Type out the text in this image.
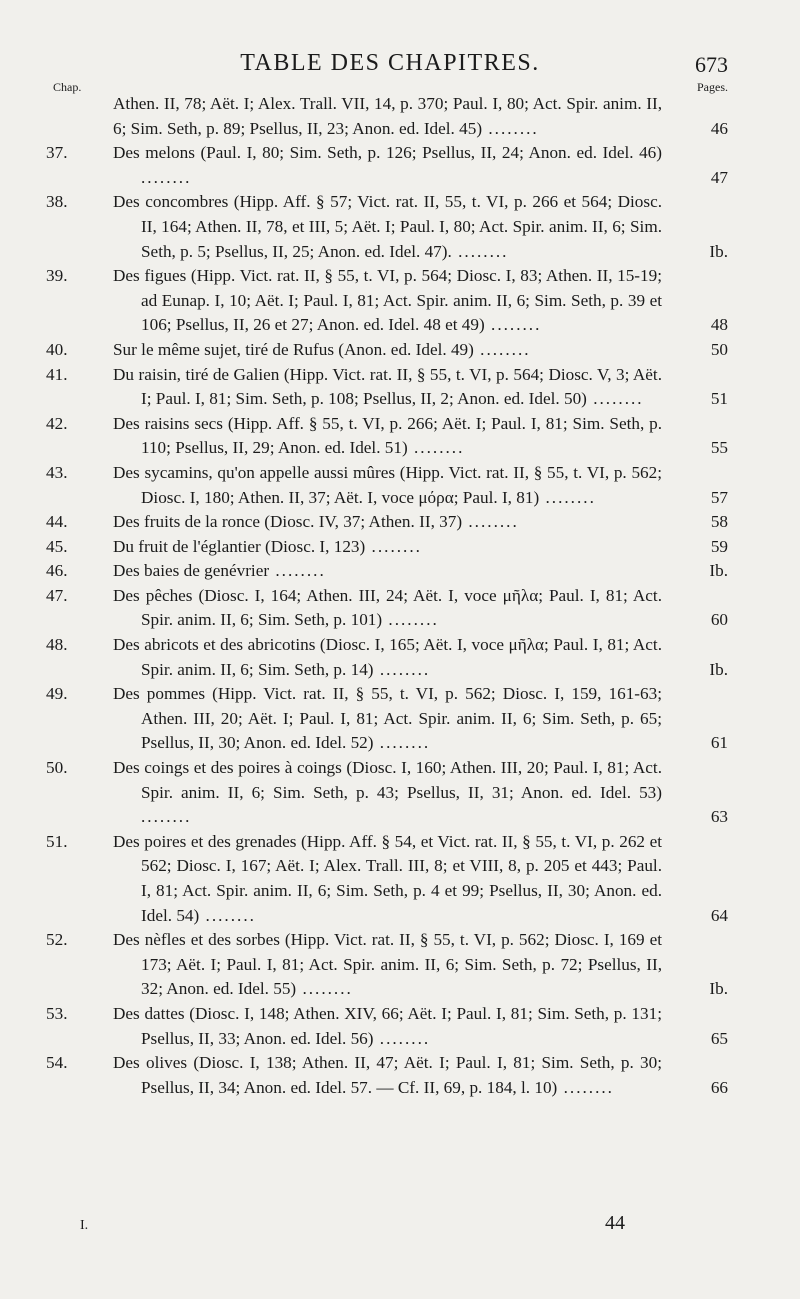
TABLE DES CHAPITRES.	673
Chap.	Pages.
Athen. II, 78; Aët. I; Alex. Trall. VII, 14, p. 370; Paul. I, 80; Act. Spir. anim. II, 6; Sim. Seth, p. 89; Psellus, II, 23; Anon. ed. Idel. 45) ........	46
37.	Des melons (Paul. I, 80; Sim. Seth, p. 126; Psellus, II, 24; Anon. ed. Idel. 46) ........	47
38.	Des concombres (Hipp. Aff. § 57; Vict. rat. II, 55, t. VI, p. 266 et 564; Diosc. II, 164; Athen. II, 78, et III, 5; Aët. I; Paul. I, 80; Act. Spir. anim. II, 6; Sim. Seth, p. 5; Psellus, II, 25; Anon. ed. Idel. 47). ........	Ib.
39.	Des figues (Hipp. Vict. rat. II, § 55, t. VI, p. 564; Diosc. I, 83; Athen. II, 15-19; ad Eunap. I, 10; Aët. I; Paul. I, 81; Act. Spir. anim. II, 6; Sim. Seth, p. 39 et 106; Psellus, II, 26 et 27; Anon. ed. Idel. 48 et 49) ........	48
40.	Sur le même sujet, tiré de Rufus (Anon. ed. Idel. 49) ........	50
41.	Du raisin, tiré de Galien (Hipp. Vict. rat. II, § 55, t. VI, p. 564; Diosc. V, 3; Aët. I; Paul. I, 81; Sim. Seth, p. 108; Psellus, II, 2; Anon. ed. Idel. 50) ........	51
42.	Des raisins secs (Hipp. Aff. § 55, t. VI, p. 266; Aët. I; Paul. I, 81; Sim. Seth, p. 110; Psellus, II, 29; Anon. ed. Idel. 51) ........	55
43.	Des sycamins, qu'on appelle aussi mûres (Hipp. Vict. rat. II, § 55, t. VI, p. 562; Diosc. I, 180; Athen. II, 37; Aët. I, voce μόρα; Paul. I, 81) ........	57
44.	Des fruits de la ronce (Diosc. IV, 37; Athen. II, 37) ........	58
45.	Du fruit de l'églantier (Diosc. I, 123) ........	59
46.	Des baies de genévrier ........	Ib.
47.	Des pêches (Diosc. I, 164; Athen. III, 24; Aët. I, voce μῆλα; Paul. I, 81; Act. Spir. anim. II, 6; Sim. Seth, p. 101) ........	60
48.	Des abricots et des abricotins (Diosc. I, 165; Aët. I, voce μῆλα; Paul. I, 81; Act. Spir. anim. II, 6; Sim. Seth, p. 14) ........	Ib.
49.	Des pommes (Hipp. Vict. rat. II, § 55, t. VI, p. 562; Diosc. I, 159, 161-63; Athen. III, 20; Aët. I; Paul. I, 81; Act. Spir. anim. II, 6; Sim. Seth, p. 65; Psellus, II, 30; Anon. ed. Idel. 52) ........	61
50.	Des coings et des poires à coings (Diosc. I, 160; Athen. III, 20; Paul. I, 81; Act. Spir. anim. II, 6; Sim. Seth, p. 43; Psellus, II, 31; Anon. ed. Idel. 53) ........	63
51.	Des poires et des grenades (Hipp. Aff. § 54, et Vict. rat. II, § 55, t. VI, p. 262 et 562; Diosc. I, 167; Aët. I; Alex. Trall. III, 8; et VIII, 8, p. 205 et 443; Paul. I, 81; Act. Spir. anim. II, 6; Sim. Seth, p. 4 et 99; Psellus, II, 30; Anon. ed. Idel. 54) ........	64
52.	Des nèfles et des sorbes (Hipp. Vict. rat. II, § 55, t. VI, p. 562; Diosc. I, 169 et 173; Aët. I; Paul. I, 81; Act. Spir. anim. II, 6; Sim. Seth, p. 72; Psellus, II, 32; Anon. ed. Idel. 55) ........	Ib.
53.	Des dattes (Diosc. I, 148; Athen. XIV, 66; Aët. I; Paul. I, 81; Sim. Seth, p. 131; Psellus, II, 33; Anon. ed. Idel. 56) ........	65
54.	Des olives (Diosc. I, 138; Athen. II, 47; Aët. I; Paul. I, 81; Sim. Seth, p. 30; Psellus, II, 34; Anon. ed. Idel. 57. — Cf. II, 69, p. 184, l. 10) ........	66
I.	44
